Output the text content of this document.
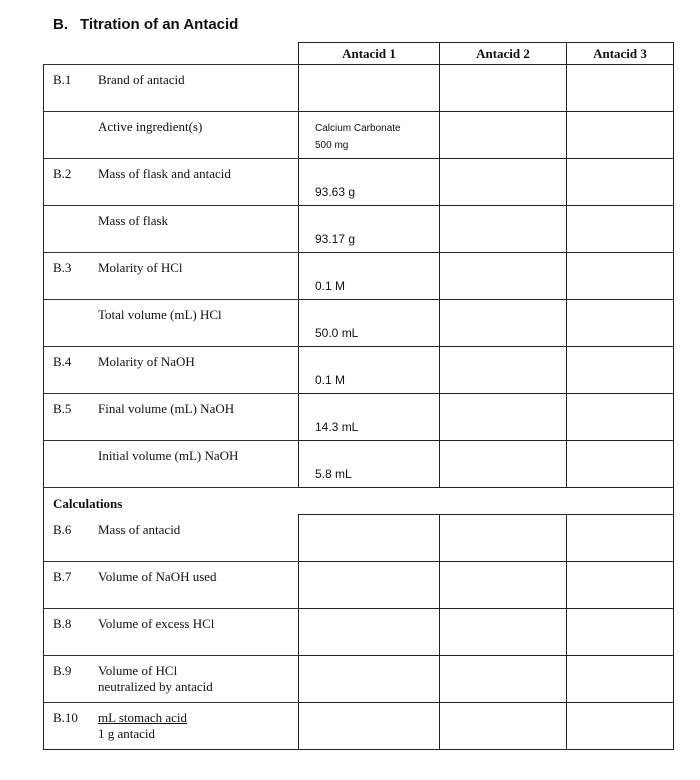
B. Titration of an Antacid
	Antacid 1	Antacid 2	Antacid 3

B.1 Brand of antacid			

Active ingredient(s)	Calcium Carbonate
500 mg		

B.2 Mass of flask and antacid	93.63 g		

Mass of flask	93.17 g		

B.3 Molarity of HCl	0.1 M		

Total volume (mL) HCl	50.0 mL		

B.4 Molarity of NaOH	0.1 M		

B.5 Final volume (mL) NaOH	14.3 mL		

Initial volume (mL) NaOH	5.8 mL		

Calculations			

B.6 Mass of antacid			

B.7 Volume of NaOH used			

B.8 Volume of excess HCl			

B.9 Volume of HCl
neutralized by antacid			

B.10 mL stomach acid
1 g antacid			
